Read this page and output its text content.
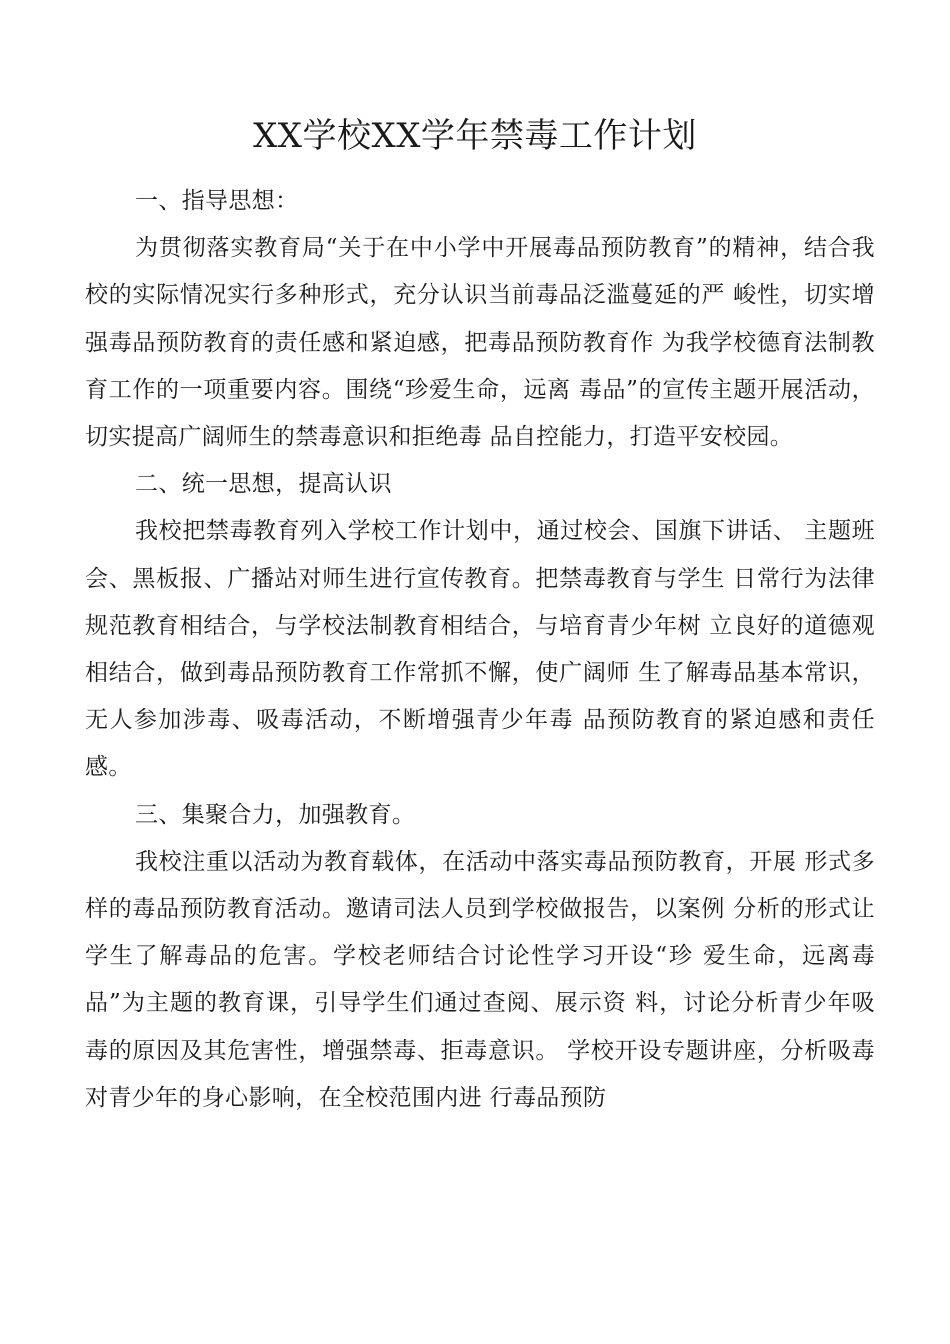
XX学校XX学年禁毒工作计划

一、指导思想：

为贯彻落实教育局“关于在中小学中开展毒品预防教育”的精神，结合我校的实际情况实行多种形式，充分认识当前毒品泛滥蔓延的严 峻性，切实增强毒品预防教育的责任感和紧迫感，把毒品预防教育作 为我学校德育法制教育工作的一项重要内容。围绕“珍爱生命，远离 毒品”的宣传主题开展活动，切实提高广阔师生的禁毒意识和拒绝毒 品自控能力，打造平安校园。

二、统一思想，提高认识

我校把禁毒教育列入学校工作计划中，通过校会、国旗下讲话、 主题班会、黑板报、广播站对师生进行宣传教育。把禁毒教育与学生 日常行为法律规范教育相结合，与学校法制教育相结合，与培育青少年树 立良好的道德观相结合，做到毒品预防教育工作常抓不懈，使广阔师 生了解毒品基本常识，无人参加涉毒、吸毒活动，不断增强青少年毒 品预防教育的紧迫感和责任感。

三、集聚合力，加强教育。

我校注重以活动为教育载体，在活动中落实毒品预防教育，开展 形式多样的毒品预防教育活动。邀请司法人员到学校做报告，以案例 分析的形式让学生了解毒品的危害。学校老师结合讨论性学习开设“珍 爱生命，远离毒品”为主题的教育课，引导学生们通过查阅、展示资 料，讨论分析青少年吸毒的原因及其危害性，增强禁毒、拒毒意识。 学校开设专题讲座，分析吸毒对青少年的身心影响，在全校范围内进 行毒品预防
